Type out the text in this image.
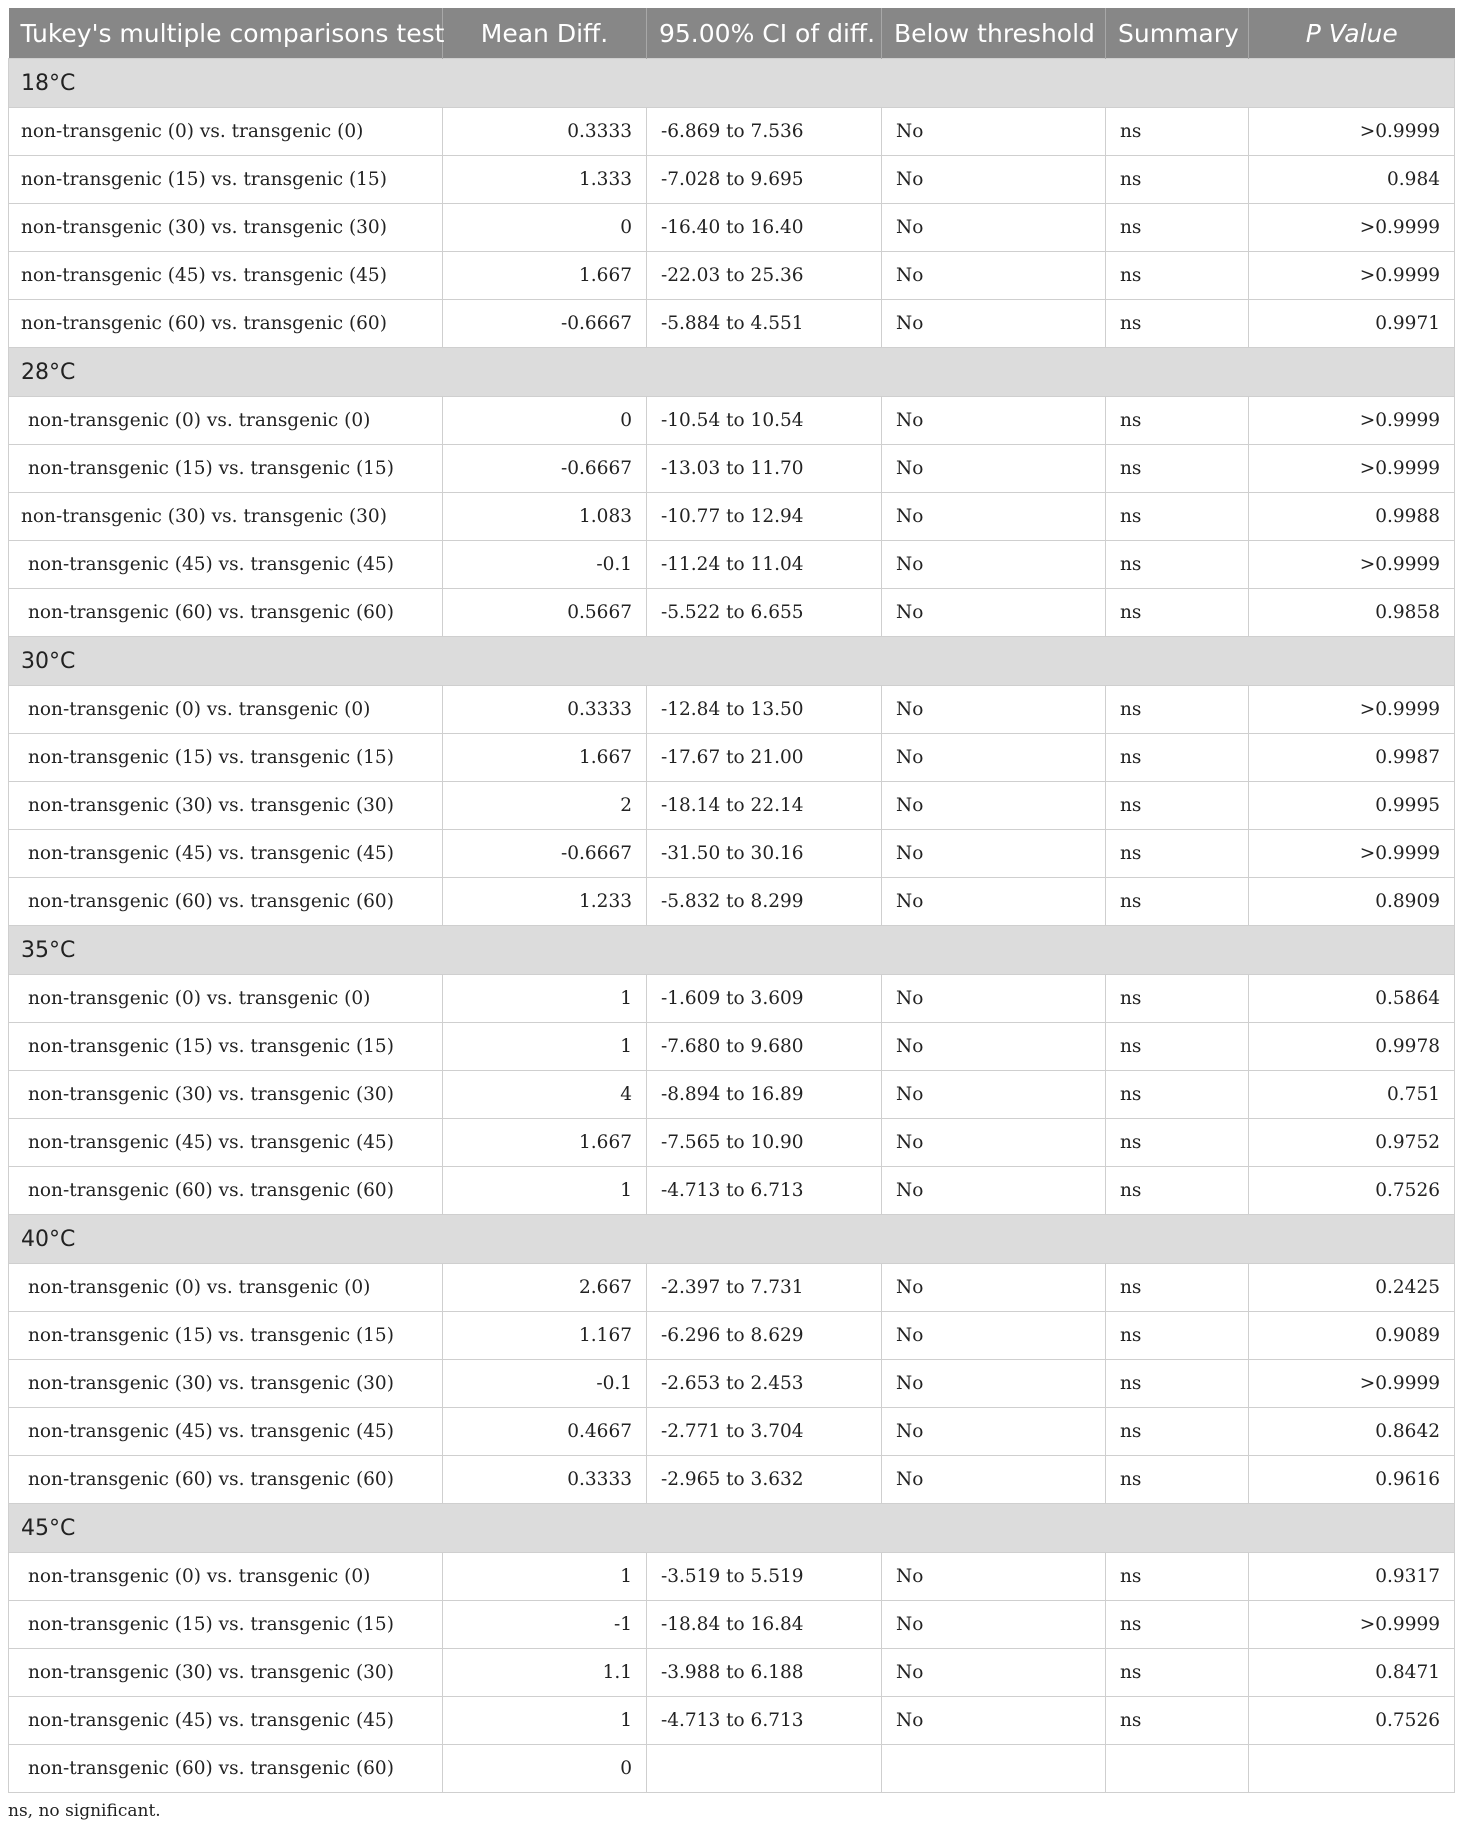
Tukey's multiple comparisons test	Mean Diff.	95.00% CI of diff.	Below threshold	Summary	P Value
18°C					
non-transgenic (0) vs. transgenic (0)	0.3333	-6.869 to 7.536	No	ns	>0.9999
non-transgenic (15) vs. transgenic (15)	1.333	-7.028 to 9.695	No	ns	0.984
non-transgenic (30) vs. transgenic (30)	0	-16.40 to 16.40	No	ns	>0.9999
non-transgenic (45) vs. transgenic (45)	1.667	-22.03 to 25.36	No	ns	>0.9999
non-transgenic (60) vs. transgenic (60)	-0.6667	-5.884 to 4.551	No	ns	0.9971
28°C					
non-transgenic (0) vs. transgenic (0)	0	-10.54 to 10.54	No	ns	>0.9999
non-transgenic (15) vs. transgenic (15)	-0.6667	-13.03 to 11.70	No	ns	>0.9999
non-transgenic (30) vs. transgenic (30)	1.083	-10.77 to 12.94	No	ns	0.9988
non-transgenic (45) vs. transgenic (45)	-0.1	-11.24 to 11.04	No	ns	>0.9999
non-transgenic (60) vs. transgenic (60)	0.5667	-5.522 to 6.655	No	ns	0.9858
30°C					
non-transgenic (0) vs. transgenic (0)	0.3333	-12.84 to 13.50	No	ns	>0.9999
non-transgenic (15) vs. transgenic (15)	1.667	-17.67 to 21.00	No	ns	0.9987
non-transgenic (30) vs. transgenic (30)	2	-18.14 to 22.14	No	ns	0.9995
non-transgenic (45) vs. transgenic (45)	-0.6667	-31.50 to 30.16	No	ns	>0.9999
non-transgenic (60) vs. transgenic (60)	1.233	-5.832 to 8.299	No	ns	0.8909
35°C					
non-transgenic (0) vs. transgenic (0)	1	-1.609 to 3.609	No	ns	0.5864
non-transgenic (15) vs. transgenic (15)	1	-7.680 to 9.680	No	ns	0.9978
non-transgenic (30) vs. transgenic (30)	4	-8.894 to 16.89	No	ns	0.751
non-transgenic (45) vs. transgenic (45)	1.667	-7.565 to 10.90	No	ns	0.9752
non-transgenic (60) vs. transgenic (60)	1	-4.713 to 6.713	No	ns	0.7526
40°C					
non-transgenic (0) vs. transgenic (0)	2.667	-2.397 to 7.731	No	ns	0.2425
non-transgenic (15) vs. transgenic (15)	1.167	-6.296 to 8.629	No	ns	0.9089
non-transgenic (30) vs. transgenic (30)	-0.1	-2.653 to 2.453	No	ns	>0.9999
non-transgenic (45) vs. transgenic (45)	0.4667	-2.771 to 3.704	No	ns	0.8642
non-transgenic (60) vs. transgenic (60)	0.3333	-2.965 to 3.632	No	ns	0.9616
45°C					
non-transgenic (0) vs. transgenic (0)	1	-3.519 to 5.519	No	ns	0.9317
non-transgenic (15) vs. transgenic (15)	-1	-18.84 to 16.84	No	ns	>0.9999
non-transgenic (30) vs. transgenic (30)	1.1	-3.988 to 6.188	No	ns	0.8471
non-transgenic (45) vs. transgenic (45)	1	-4.713 to 6.713	No	ns	0.7526
non-transgenic (60) vs. transgenic (60)	0				
ns, no significant.
